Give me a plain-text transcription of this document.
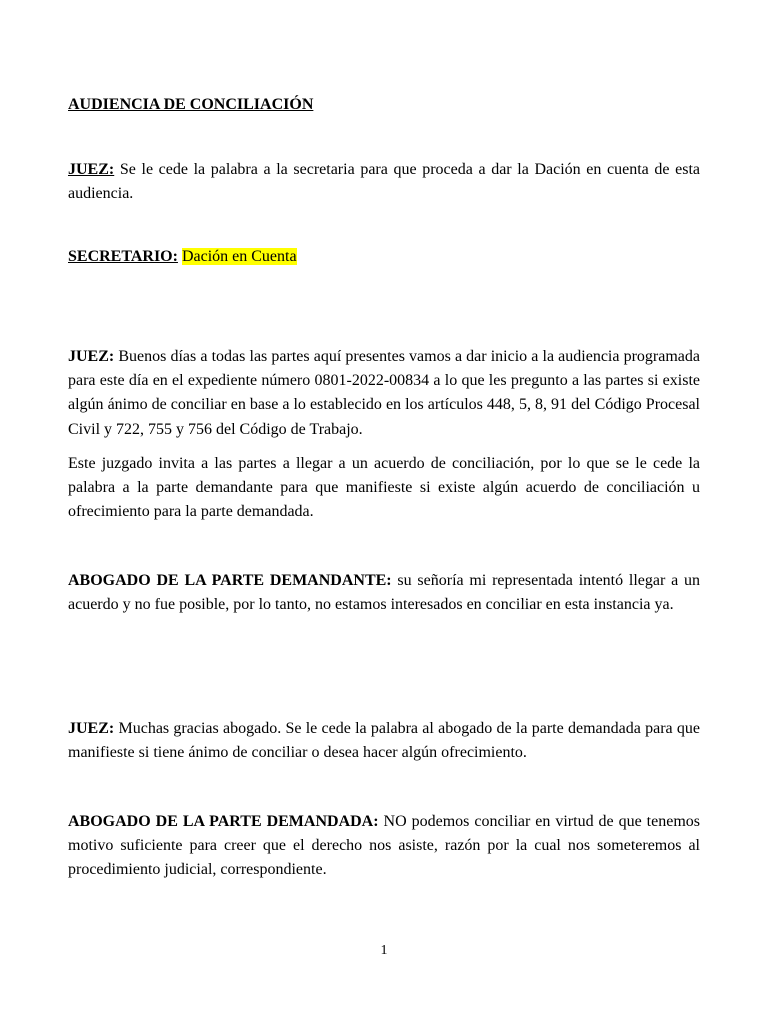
AUDIENCIA DE CONCILIACIÓN

JUEZ: Se le cede la palabra a la secretaria para que proceda a dar la Dación en cuenta de esta audiencia.

SECRETARIO: Dación en Cuenta

JUEZ: Buenos días a todas las partes aquí presentes vamos a dar inicio a la audiencia programada para este día en el expediente número 0801-2022-00834 a lo que les pregunto a las partes si existe algún ánimo de conciliar en base a lo establecido en los artículos 448, 5, 8, 91 del Código Procesal Civil y 722, 755 y 756 del Código de Trabajo.

Este juzgado invita a las partes a llegar a un acuerdo de conciliación, por lo que se le cede la palabra a la parte demandante para que manifieste si existe algún acuerdo de conciliación u ofrecimiento para la parte demandada.

ABOGADO DE LA PARTE DEMANDANTE: su señoría mi representada intentó llegar a un acuerdo y no fue posible, por lo tanto, no estamos interesados en conciliar en esta instancia ya.

JUEZ: Muchas gracias abogado. Se le cede la palabra al abogado de la parte demandada para que manifieste si tiene ánimo de conciliar o desea hacer algún ofrecimiento.

ABOGADO DE LA PARTE DEMANDADA: NO podemos conciliar en virtud de que tenemos motivo suficiente para creer que el derecho nos asiste, razón por la cual nos someteremos al procedimiento judicial, correspondiente.

1
